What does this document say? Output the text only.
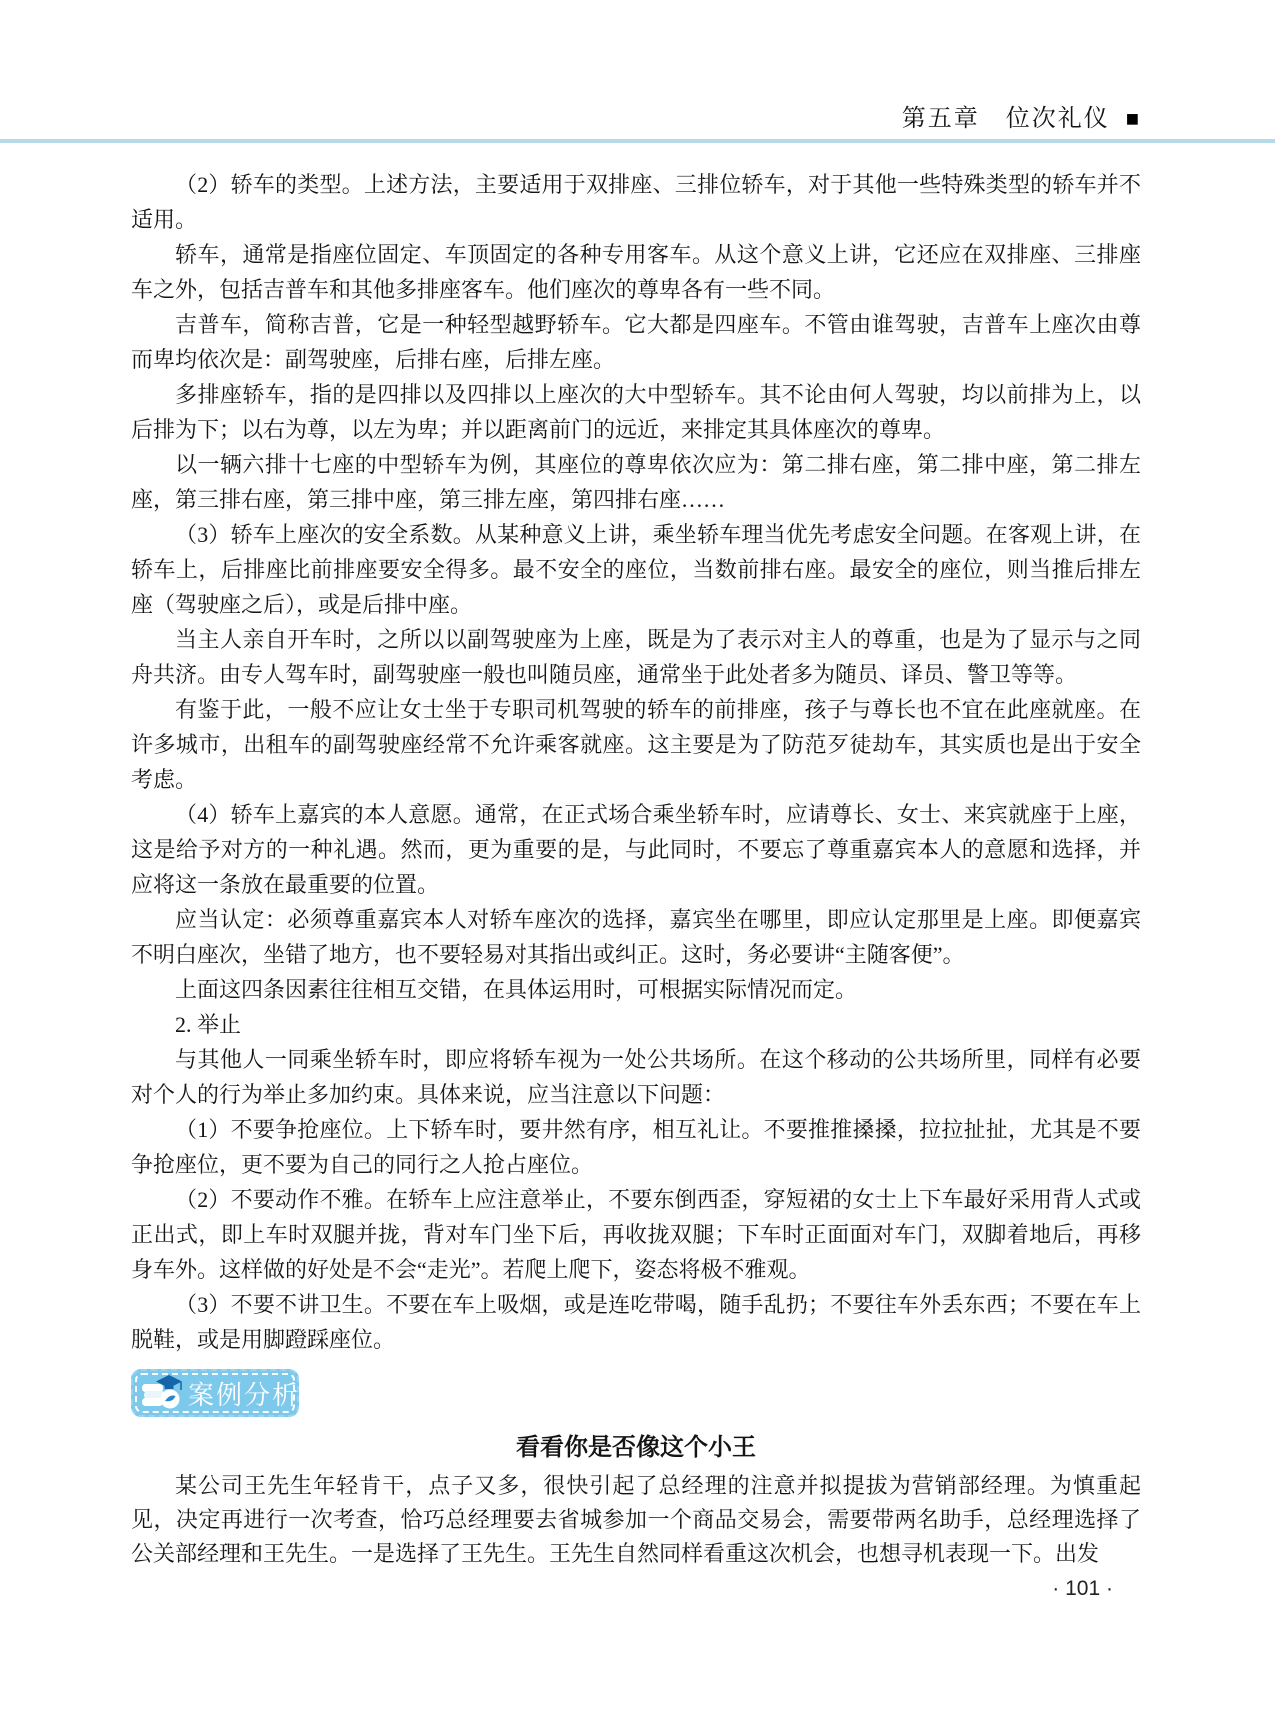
第五章　位次礼仪 ■

（2）轿车的类型。上述方法，主要适用于双排座、三排位轿车，对于其他一些特殊类型的轿车并不适用。

轿车，通常是指座位固定、车顶固定的各种专用客车。从这个意义上讲，它还应在双排座、三排座车之外，包括吉普车和其他多排座客车。他们座次的尊卑各有一些不同。

吉普车，简称吉普，它是一种轻型越野轿车。它大都是四座车。不管由谁驾驶，吉普车上座次由尊而卑均依次是：副驾驶座，后排右座，后排左座。

多排座轿车，指的是四排以及四排以上座次的大中型轿车。其不论由何人驾驶，均以前排为上，以后排为下；以右为尊，以左为卑；并以距离前门的远近，来排定其具体座次的尊卑。

以一辆六排十七座的中型轿车为例，其座位的尊卑依次应为：第二排右座，第二排中座，第二排左座，第三排右座，第三排中座，第三排左座，第四排右座……

（3）轿车上座次的安全系数。从某种意义上讲，乘坐轿车理当优先考虑安全问题。在客观上讲，在轿车上，后排座比前排座要安全得多。最不安全的座位，当数前排右座。最安全的座位，则当推后排左座（驾驶座之后），或是后排中座。

当主人亲自开车时，之所以以副驾驶座为上座，既是为了表示对主人的尊重，也是为了显示与之同舟共济。由专人驾车时，副驾驶座一般也叫随员座，通常坐于此处者多为随员、译员、警卫等等。

有鉴于此，一般不应让女士坐于专职司机驾驶的轿车的前排座，孩子与尊长也不宜在此座就座。在许多城市，出租车的副驾驶座经常不允许乘客就座。这主要是为了防范歹徒劫车，其实质也是出于安全考虑。

（4）轿车上嘉宾的本人意愿。通常，在正式场合乘坐轿车时，应请尊长、女士、来宾就座于上座，这是给予对方的一种礼遇。然而，更为重要的是，与此同时，不要忘了尊重嘉宾本人的意愿和选择，并应将这一条放在最重要的位置。

应当认定：必须尊重嘉宾本人对轿车座次的选择，嘉宾坐在哪里，即应认定那里是上座。即便嘉宾不明白座次，坐错了地方，也不要轻易对其指出或纠正。这时，务必要讲“主随客便”。

上面这四条因素往往相互交错，在具体运用时，可根据实际情况而定。

2. 举止

与其他人一同乘坐轿车时，即应将轿车视为一处公共场所。在这个移动的公共场所里，同样有必要对个人的行为举止多加约束。具体来说，应当注意以下问题：

（1）不要争抢座位。上下轿车时，要井然有序，相互礼让。不要推推搡搡，拉拉扯扯，尤其是不要争抢座位，更不要为自己的同行之人抢占座位。

（2）不要动作不雅。在轿车上应注意举止，不要东倒西歪，穿短裙的女士上下车最好采用背人式或正出式，即上车时双腿并拢，背对车门坐下后，再收拢双腿；下车时正面面对车门，双脚着地后，再移身车外。这样做的好处是不会“走光”。若爬上爬下，姿态将极不雅观。

（3）不要不讲卫生。不要在车上吸烟，或是连吃带喝，随手乱扔；不要往车外丢东西；不要在车上脱鞋，或是用脚蹬踩座位。

案例分析
看看你是否像这个小王

某公司王先生年轻肯干，点子又多，很快引起了总经理的注意并拟提拔为营销部经理。为慎重起见，决定再进行一次考查，恰巧总经理要去省城参加一个商品交易会，需要带两名助手，总经理选择了公关部经理和王先生。一是选择了王先生。王先生自然同样看重这次机会，也想寻机表现一下。出发

· 101 ·
